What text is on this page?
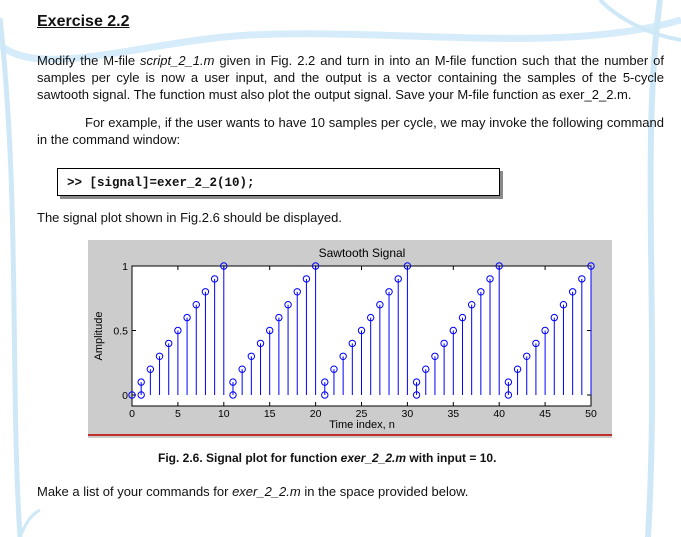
Exercise 2.2

Modify the M-file script_2_1.m given in Fig. 2.2 and turn in into an M-file function such that the number of samples per cyle is now a user input, and the output is a vector containing the samples of the 5-cycle sawtooth signal. The function must also plot the output signal. Save your M-file function as exer_2_2.m.

For example, if the user wants to have 10 samples per cycle, we may invoke the following command in the command window:

>> [signal]=exer_2_2(10);

The signal plot shown in Fig.2.6 should be displayed.

Sawtooth Signal
Time index, n
Amplitude
0	5	10	15	20	25	30	35	40	45	50
0
0.5
1

Fig. 2.6. Signal plot for function exer_2_2.m with input = 10.

Make a list of your commands for exer_2_2.m in the space provided below.
